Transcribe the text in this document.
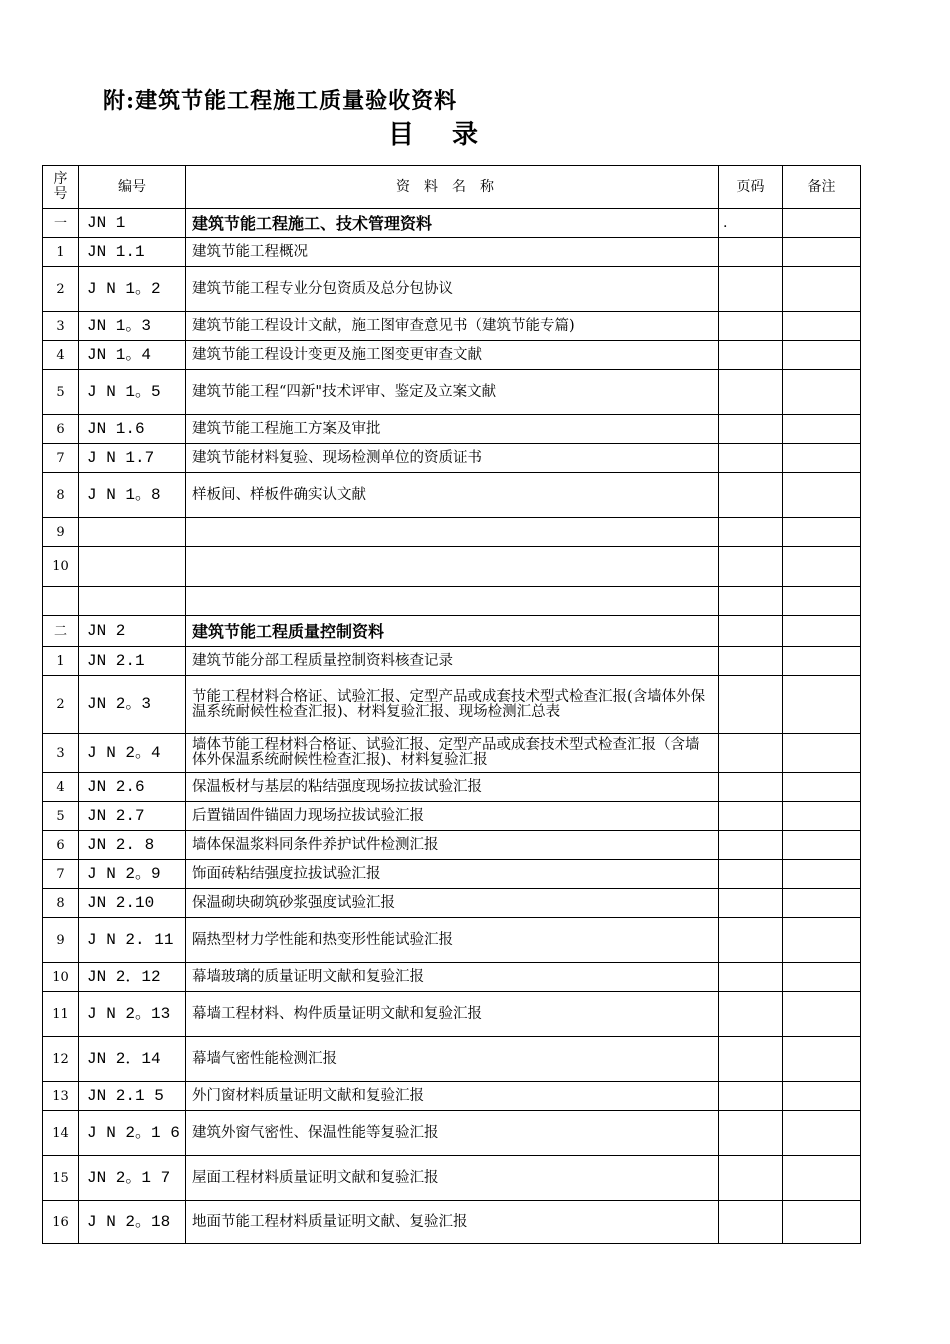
附:建筑节能工程施工质量验收资料
目录
序号	编号	资料名称	页码	备注
一	JN 1	建筑节能工程施工、技术管理资料	.	
1	JN 1.1	建筑节能工程概况		
2	J N 1。2	建筑节能工程专业分包资质及总分包协议		
3	JN 1。3	建筑节能工程设计文献，施工图审查意见书（建筑节能专篇)		
4	JN 1。4	建筑节能工程设计变更及施工图变更审查文献		
5	J N 1。5	建筑节能工程“四新"技术评审、鉴定及立案文献		
6	JN 1.6	建筑节能工程施工方案及审批		
7	J N 1.7	建筑节能材料复验、现场检测单位的资质证书		
8	J N 1。8	样板间、样板件确实认文献		
9				
10				

二	JN 2	建筑节能工程质量控制资料		
1	JN 2.1	建筑节能分部工程质量控制资料核查记录		
2	JN 2。3	节能工程材料合格证、试验汇报、定型产品或成套技术型式检查汇报(含墙体外保温系统耐候性检查汇报)、材料复验汇报、现场检测汇总表		
3	J N 2。4	墙体节能工程材料合格证、试验汇报、定型产品或成套技术型式检查汇报（含墙体外保温系统耐候性检查汇报)、材料复验汇报		
4	JN 2.6	保温板材与基层的粘结强度现场拉拔试验汇报		
5	JN 2.7	后置锚固件锚固力现场拉拔试验汇报		
6	JN 2. 8	墙体保温浆料同条件养护试件检测汇报		
7	J N 2。9	饰面砖粘结强度拉拔试验汇报		
8	JN 2.10	保温砌块砌筑砂浆强度试验汇报		
9	J N 2. 11	隔热型材力学性能和热变形性能试验汇报		
10	JN 2．12	幕墙玻璃的质量证明文献和复验汇报		
11	J N 2。13	幕墙工程材料、构件质量证明文献和复验汇报		
12	JN 2．14	幕墙气密性能检测汇报		
13	JN 2.1 5	外门窗材料质量证明文献和复验汇报		
14	J N 2。1 6	建筑外窗气密性、保温性能等复验汇报		
15	JN 2。1 7	屋面工程材料质量证明文献和复验汇报		
16	J N 2。18	地面节能工程材料质量证明文献、复验汇报		
